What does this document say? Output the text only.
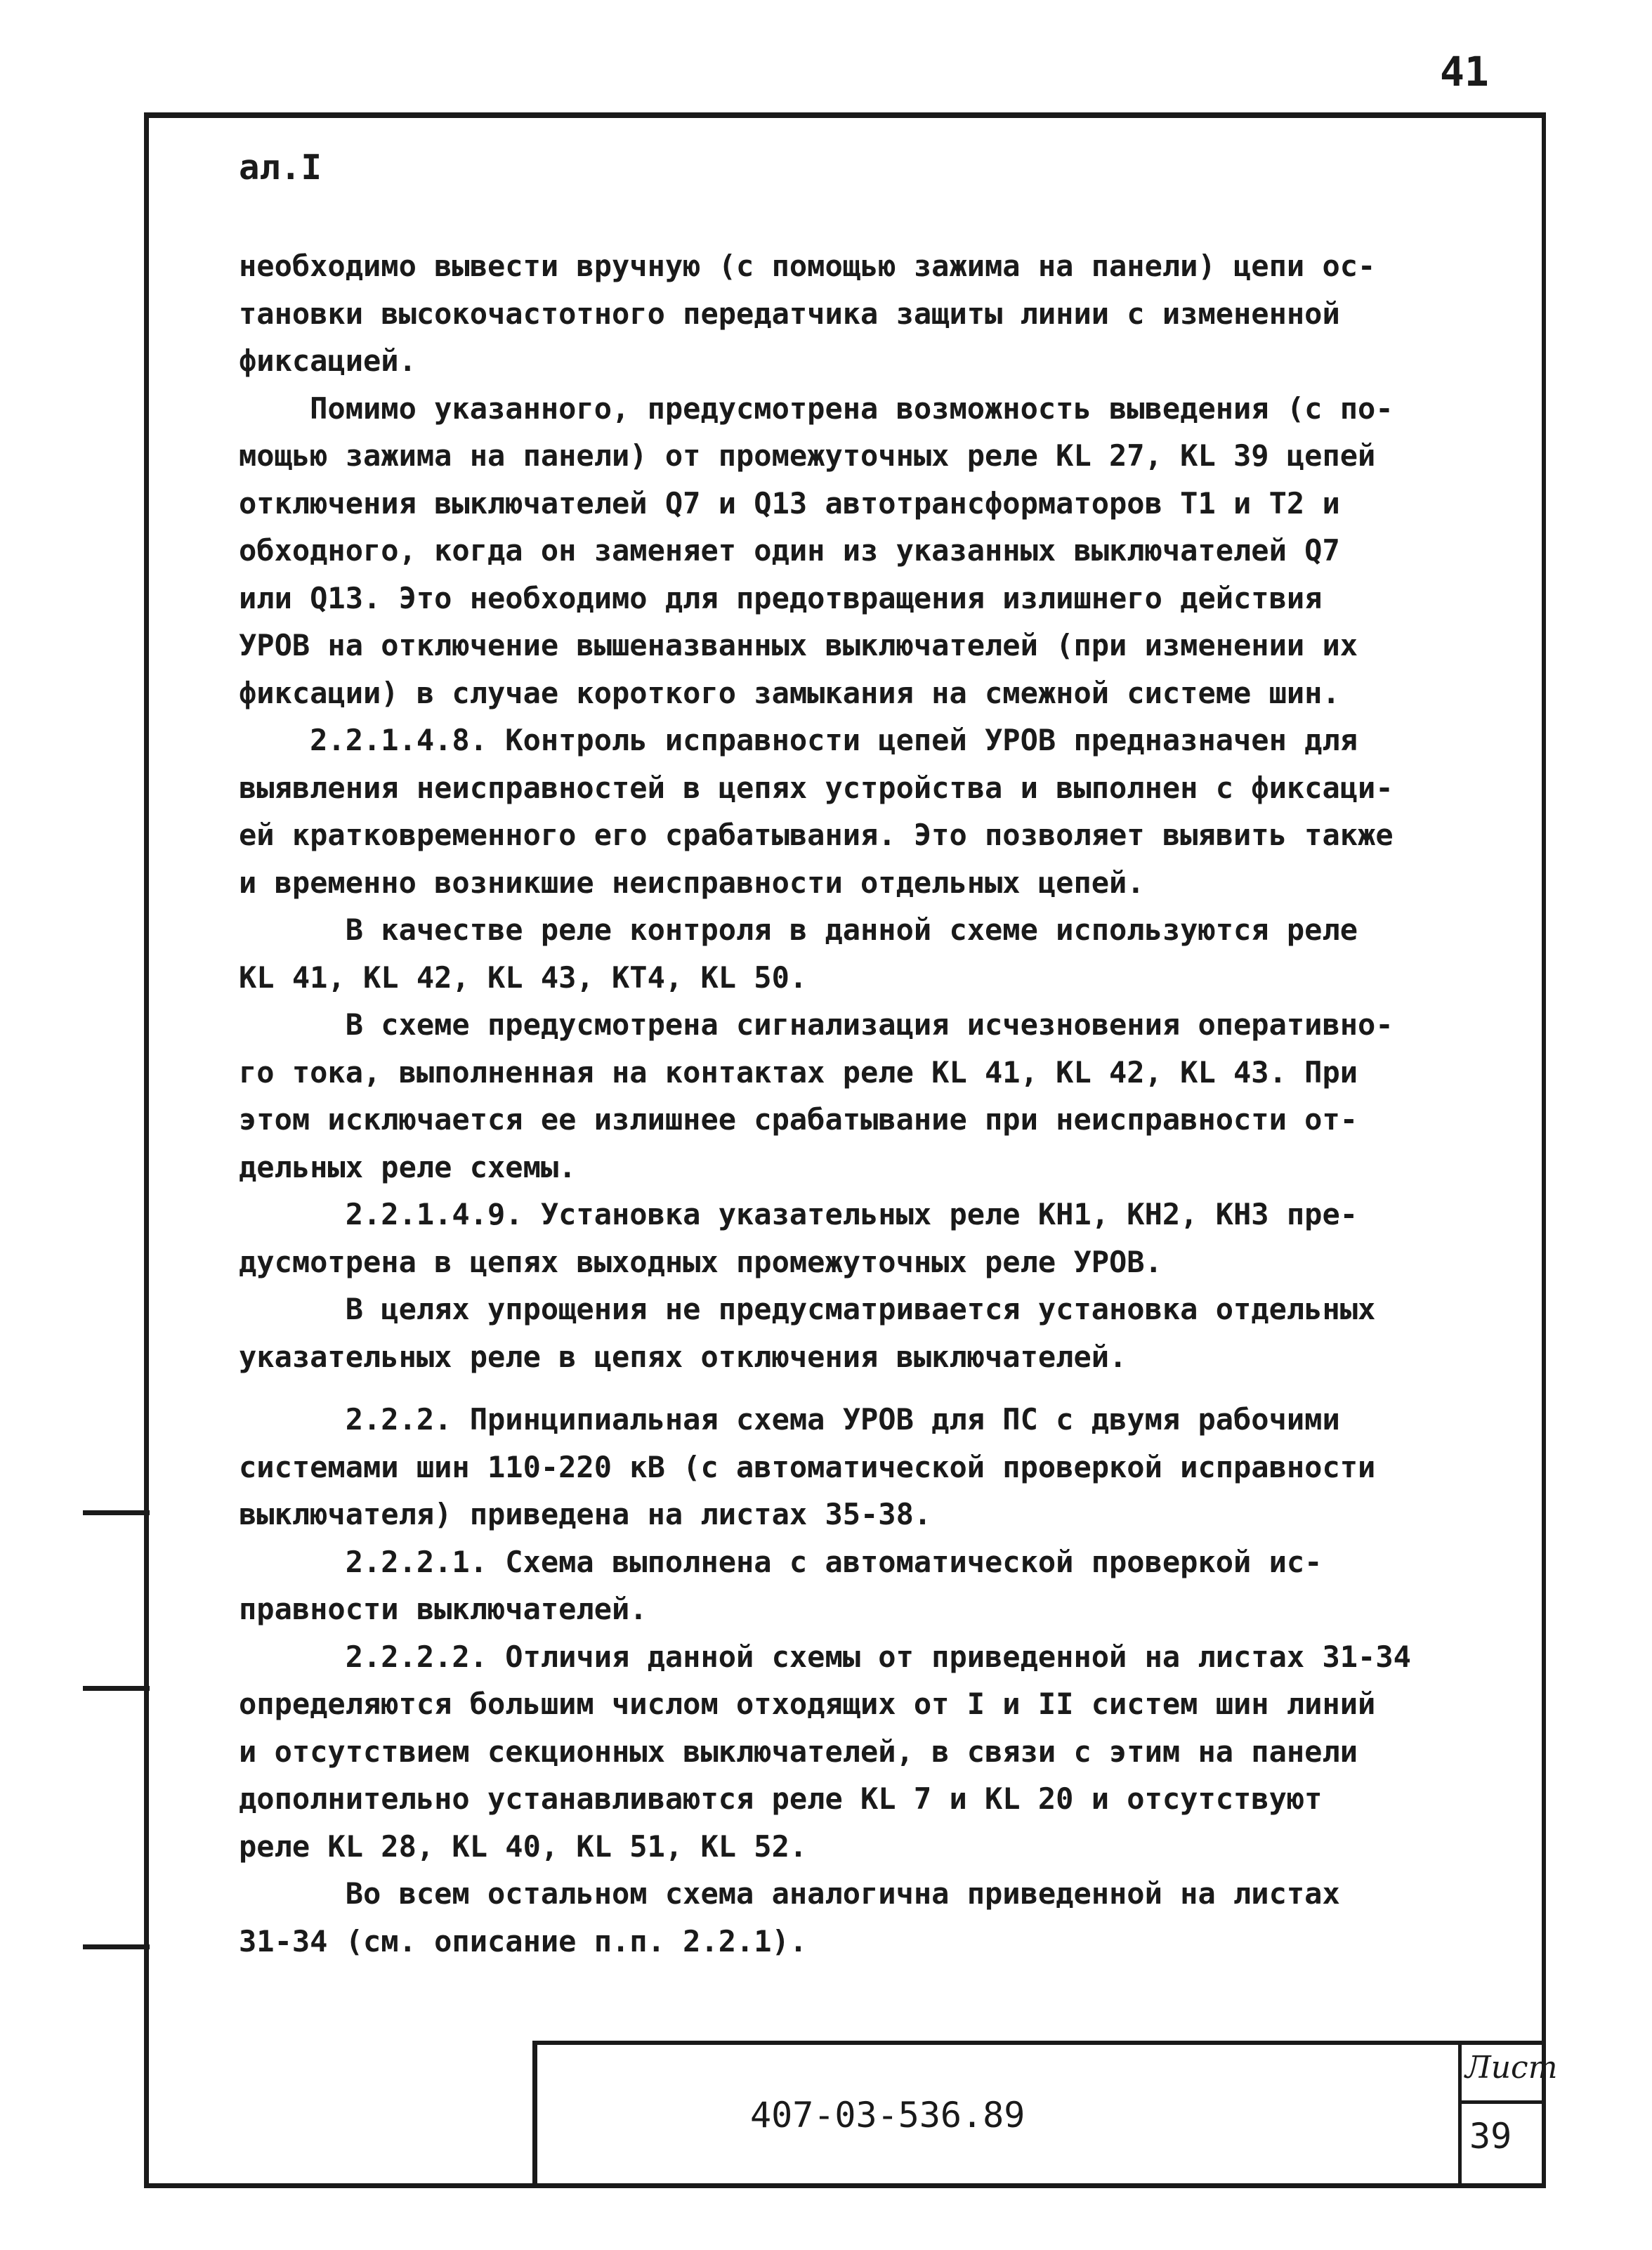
41
ал.I
необходимо вывести вручную (с помощью зажима на панели) цепи ос-
тановки высокочастотного передатчика защиты линии с измененной
фиксацией.
Помимо указанного, предусмотрена возможность выведения (с по-
мощью зажима на панели) от промежуточных реле KL 27, KL 39 цепей
отключения выключателей Q7 и Q13 автотрансформаторов T1 и T2 и
обходного, когда он заменяет один из указанных выключателей Q7
или Q13. Это необходимо для предотвращения излишнего действия
УРОВ на отключение вышеназванных выключателей (при изменении их
фиксации) в случае короткого замыкания на смежной системе шин.
2.2.1.4.8. Контроль исправности цепей УРОВ предназначен для
выявления неисправностей в цепях устройства и выполнен с фиксаци-
ей кратковременного его срабатывания. Это позволяет выявить также
и временно возникшие неисправности отдельных цепей.
В качестве реле контроля в данной схеме используются реле
KL 41, KL 42, KL 43, KT4, KL 50.
В схеме предусмотрена сигнализация исчезновения оперативно-
го тока, выполненная на контактах реле KL 41, KL 42, KL 43. При
этом исключается ее излишнее срабатывание при неисправности от-
дельных реле схемы.
2.2.1.4.9. Установка указательных реле KH1, KH2, KH3 пре-
дусмотрена в цепях выходных промежуточных реле УРОВ.
В целях упрощения не предусматривается установка отдельных
указательных реле в цепях отключения выключателей.
2.2.2. Принципиальная схема УРОВ для ПС с двумя рабочими
системами шин 110-220 кВ (с автоматической проверкой исправности
выключателя) приведена на листах 35-38.
2.2.2.1. Схема выполнена с автоматической проверкой ис-
правности выключателей.
2.2.2.2. Отличия данной схемы от приведенной на листах 31-34
определяются большим числом отходящих от I и II систем шин линий
и отсутствием секционных выключателей, в связи с этим на панели
дополнительно устанавливаются реле KL 7 и KL 20 и отсутствуют
реле KL 28, KL 40, KL 51, KL 52.
Во всем остальном схема аналогична приведенной на листах
31-34 (см. описание п.п. 2.2.1).
407-03-536.89
Лист
39
